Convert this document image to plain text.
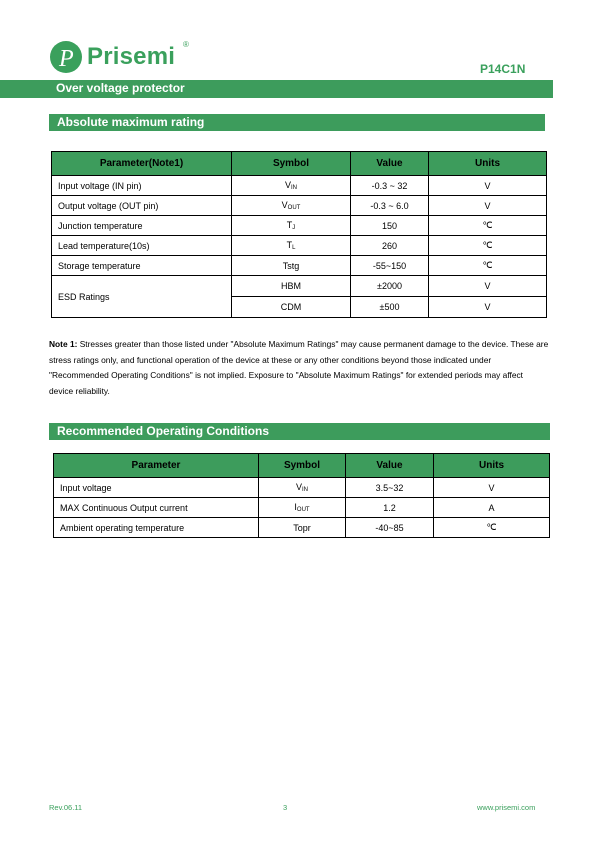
P Prisemi ®
P14C1N
Over voltage protector
Absolute maximum rating
Parameter(Note1)	Symbol	Value	Units
Input voltage (IN pin)	$V_{IN}$	-0.3 ~ 32	V
Output voltage (OUT pin)	$V_{OUT}$	-0.3 ~ 6.0	V
Junction temperature	$T_J$	150	℃
Lead temperature(10s)	$T_L$	260	℃
Storage temperature	Tstg	-55~150	℃
ESD Ratings	HBM	±2000	V
	CDM	±500	V
Note 1: Stresses greater than those listed under "Absolute Maximum Ratings" may cause permanent damage to the device. These are stress ratings only, and functional operation of the device at these or any other conditions beyond those indicated under "Recommended Operating Conditions" is not implied. Exposure to "Absolute Maximum Ratings" for extended periods may affect device reliability.
Recommended Operating Conditions
Parameter	Symbol	Value	Units
Input voltage	$V_{IN}$	3.5~32	V
MAX Continuous Output current	$I_{OUT}$	1.2	A
Ambient operating temperature	Topr	-40~85	℃
Rev.06.11	3	www.prisemi.com
